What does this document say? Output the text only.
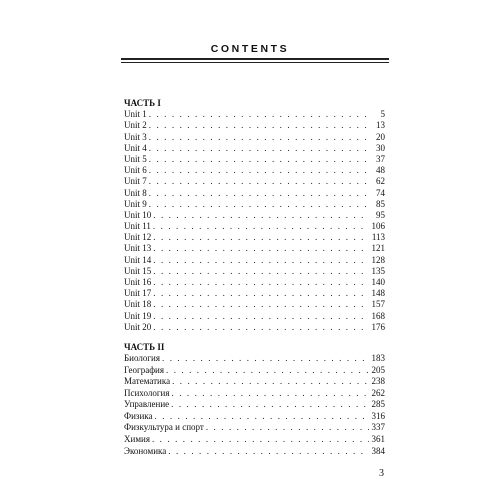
CONTENTS
ЧАСТЬ I
Unit 1 . . .	5
Unit 2 . . .	13
Unit 3 . . .	20
Unit 4 . . .	30
Unit 5 . . .	37
Unit 6 . . .	48
Unit 7 . . .	62
Unit 8 . . .	74
Unit 9 . . .	85
Unit 10 . . .	95
Unit 11 . . .	106
Unit 12 . . .	113
Unit 13 . . .	121
Unit 14 . . .	128
Unit 15 . . .	135
Unit 16 . . .	140
Unit 17 . . .	148
Unit 18 . . .	157
Unit 19 . . .	168
Unit 20 . . .	176
ЧАСТЬ II
Биология . . .	183
География . . .	205
Математика . . .	238
Психология . . .	262
Управление . . .	285
Физика . . .	316
Физкультура и спорт . . .	337
Химия . . .	361
Экономика . . .	384
3
